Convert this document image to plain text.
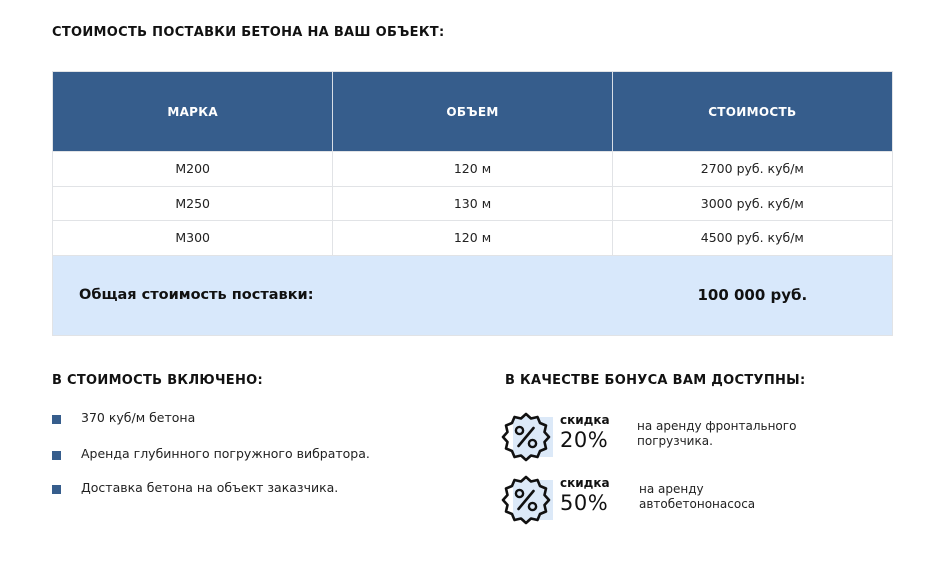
СТОИМОСТЬ ПОСТАВКИ БЕТОНА НА ВАШ ОБЪЕКТ:
МАРКА	ОБЪЕМ	СТОИМОСТЬ
М200	120 м	2700 руб. куб/м
М250	130 м	3000 руб. куб/м
М300	120 м	4500 руб. куб/м
Общая стоимость поставки:	100 000 руб.
В СТОИМОСТЬ ВКЛЮЧЕНО:
370 куб/м бетона
Аренда глубинного погружного вибратора.
Доставка бетона на объект заказчика.
В КАЧЕСТВЕ БОНУСА ВАМ ДОСТУПНЫ:
скидка
20%
на аренду фронтального
погрузчика.
скидка
50%
на аренду
автобетононасоса
